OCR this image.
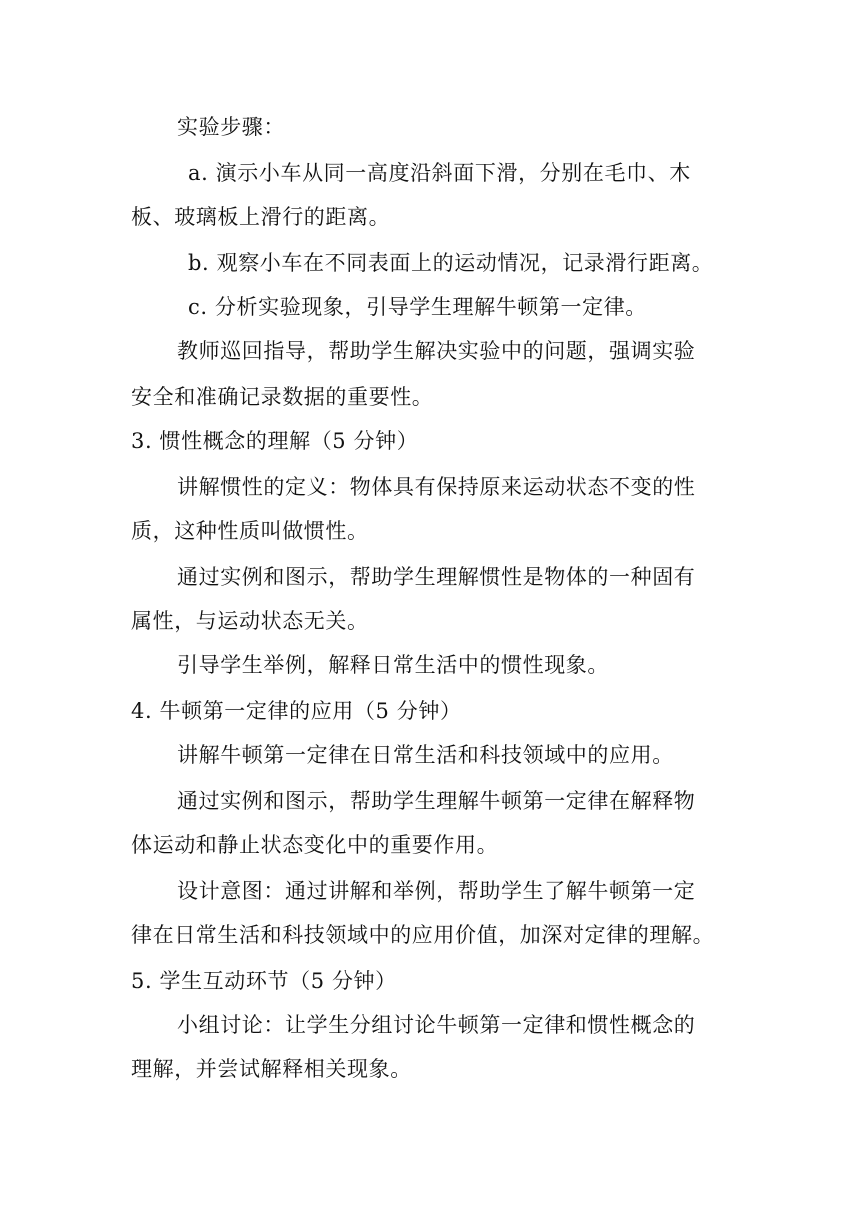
实验步骤：
a. 演示小车从同一高度沿斜面下滑，分别在毛巾、木
板、玻璃板上滑行的距离。
b. 观察小车在不同表面上的运动情况，记录滑行距离。
c. 分析实验现象，引导学生理解牛顿第一定律。
教师巡回指导，帮助学生解决实验中的问题，强调实验
安全和准确记录数据的重要性。
3. 惯性概念的理解（5 分钟）
讲解惯性的定义：物体具有保持原来运动状态不变的性
质，这种性质叫做惯性。
通过实例和图示，帮助学生理解惯性是物体的一种固有
属性，与运动状态无关。
引导学生举例，解释日常生活中的惯性现象。
4. 牛顿第一定律的应用（5 分钟）
讲解牛顿第一定律在日常生活和科技领域中的应用。
通过实例和图示，帮助学生理解牛顿第一定律在解释物
体运动和静止状态变化中的重要作用。
设计意图：通过讲解和举例，帮助学生了解牛顿第一定
律在日常生活和科技领域中的应用价值，加深对定律的理解。
5. 学生互动环节（5 分钟）
小组讨论：让学生分组讨论牛顿第一定律和惯性概念的
理解，并尝试解释相关现象。
